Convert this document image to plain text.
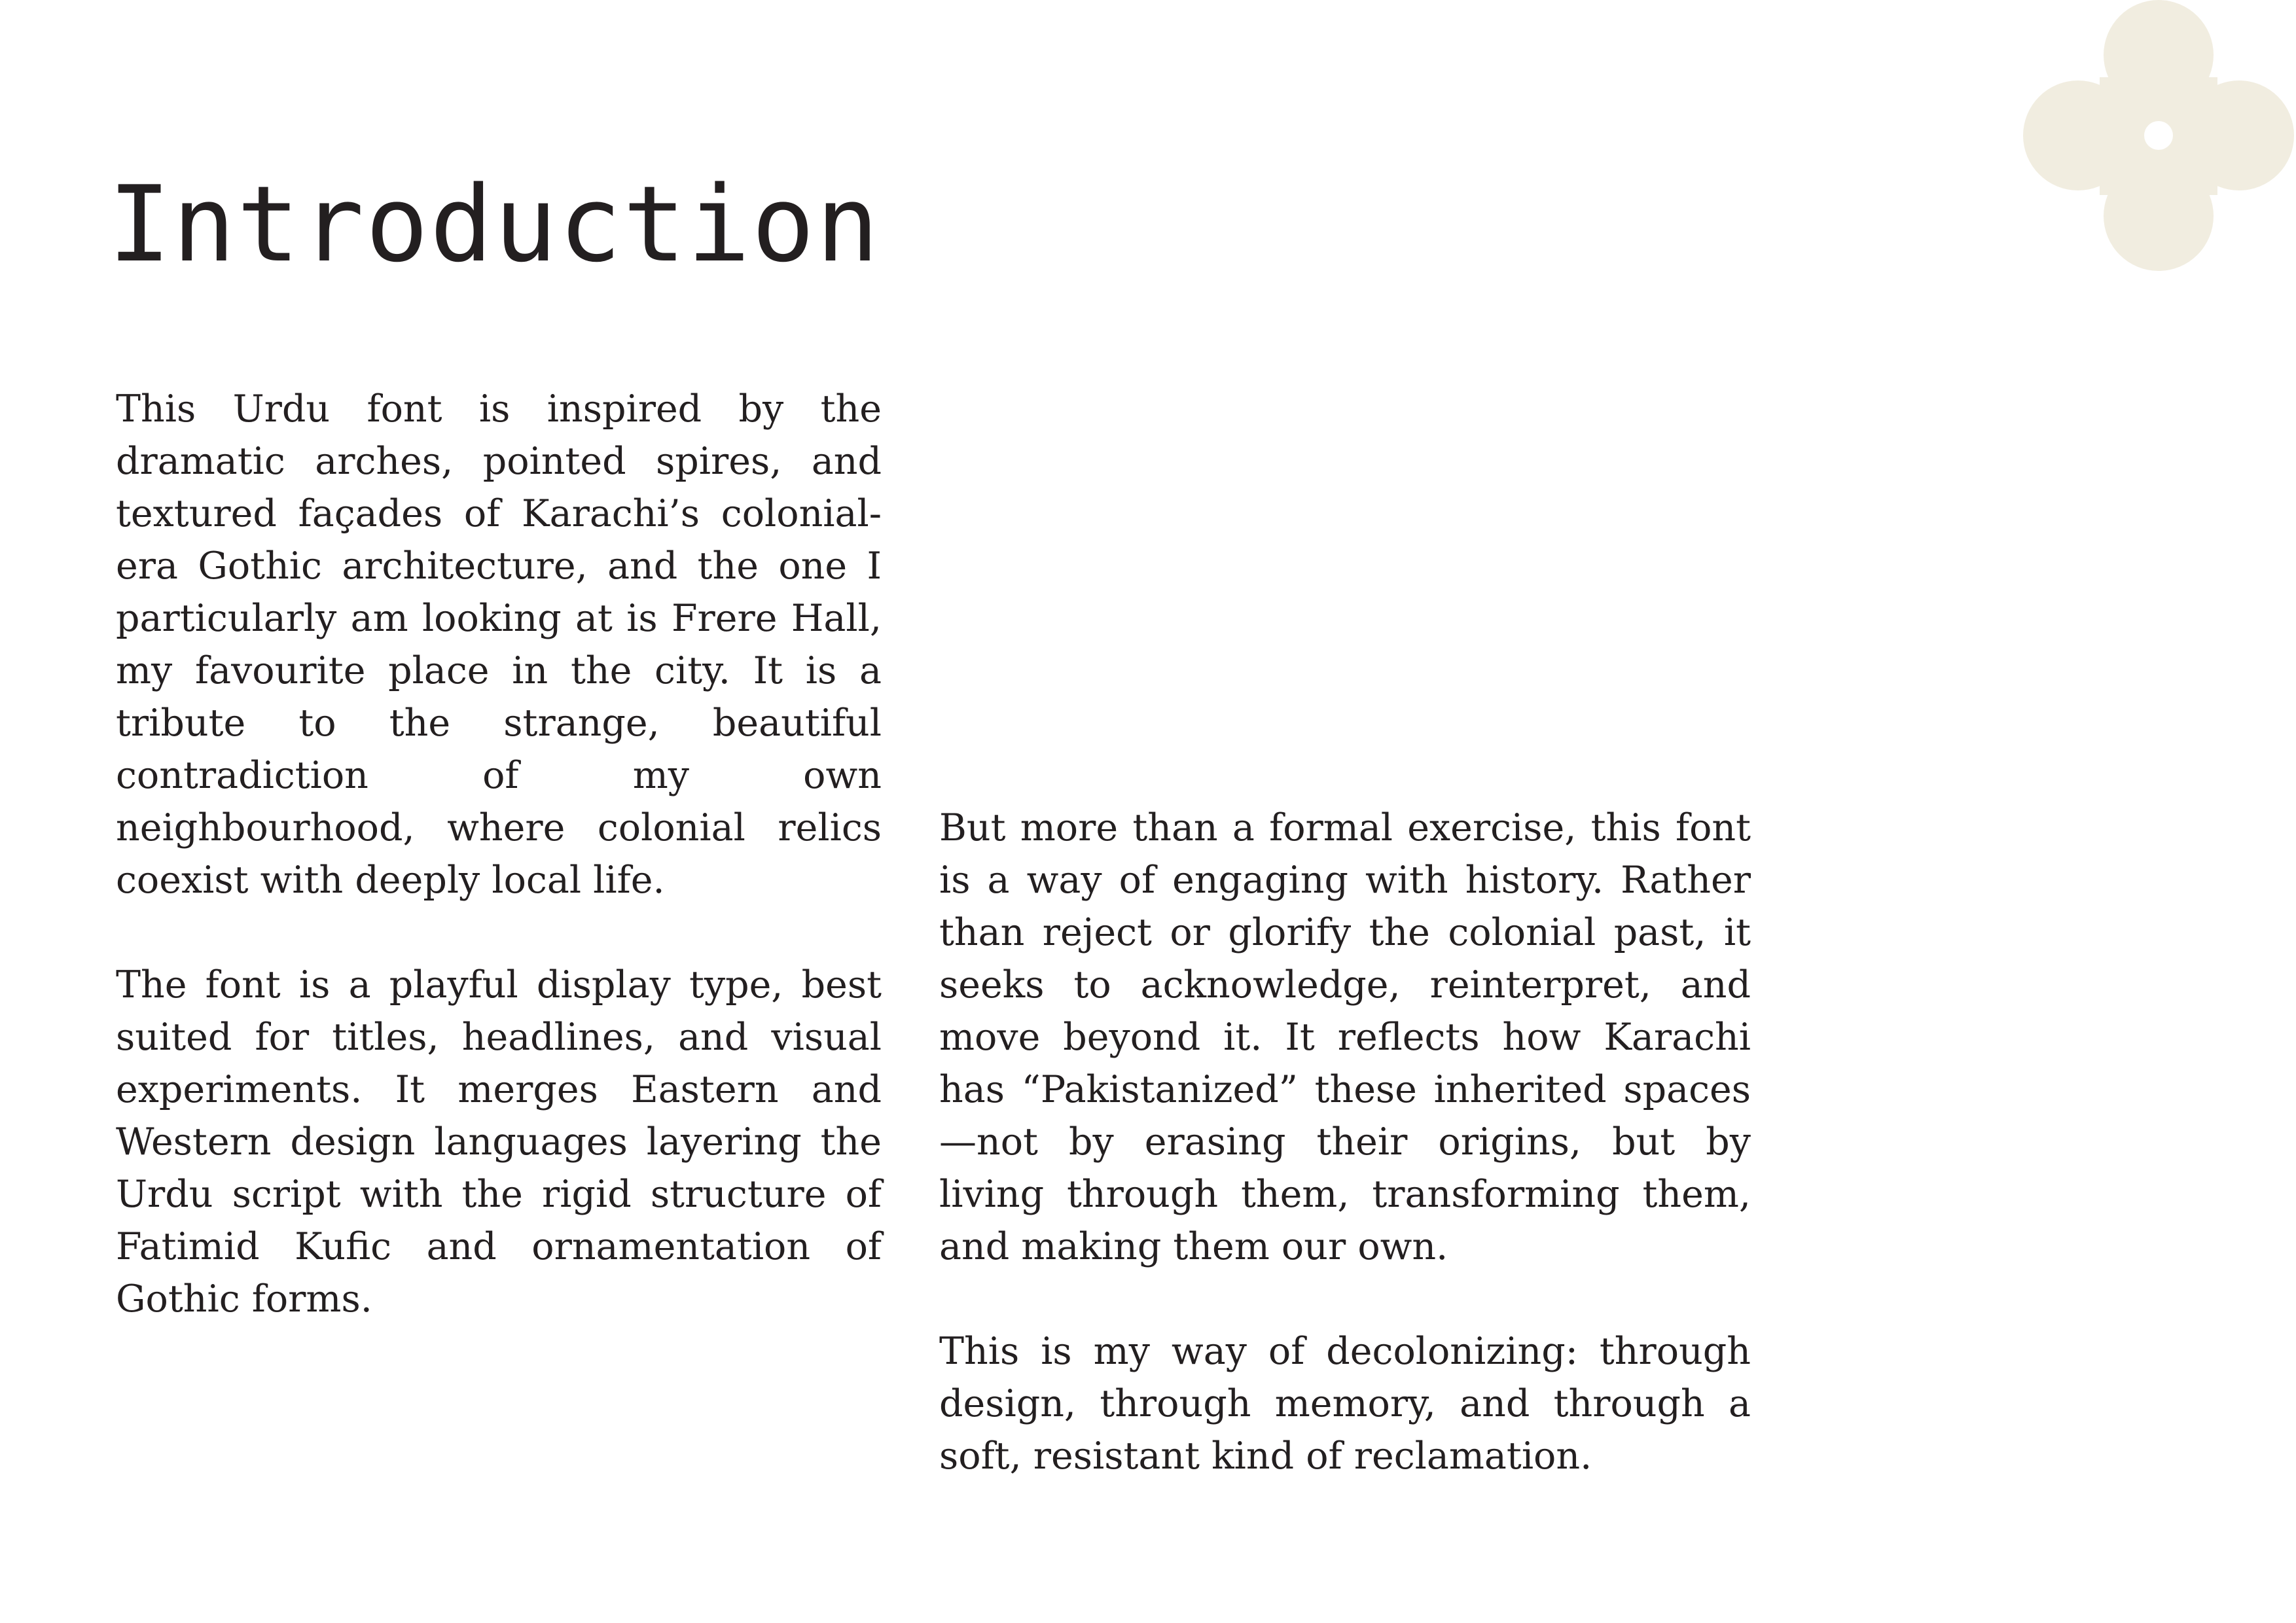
Introduction

This Urdu font is inspired by the dramatic arches, pointed spires, and textured façades of Karachi’s colonial-era Gothic architecture, and the one I particularly am looking at is Frere Hall, my favourite place in the city. It is a tribute to the strange, beautiful contradiction of my own neighbourhood, where colonial relics coexist with deeply local life.

The font is a playful display type, best suited for titles, headlines, and visual experiments. It merges Eastern and Western design languages layering the Urdu script with the rigid structure of Fatimid Kufic and ornamentation of Gothic forms.

But more than a formal exercise, this font is a way of engaging with history. Rather than reject or glorify the colonial past, it seeks to acknowledge, reinterpret, and move beyond it. It reflects how Karachi has “Pakistanized” these inherited spaces—not by erasing their origins, but by living through them, transforming them, and making them our own.

This is my way of decolonizing: through design, through memory, and through a soft, resistant kind of reclamation.
